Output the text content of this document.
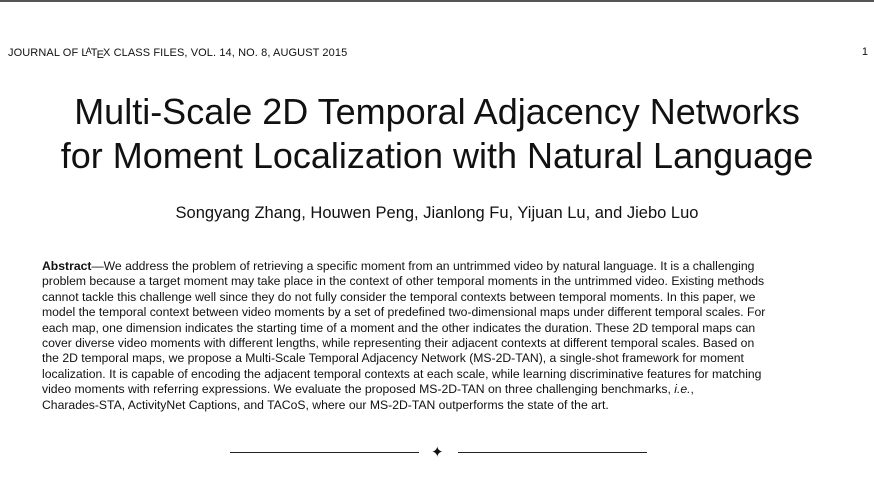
JOURNAL OF LATEX CLASS FILES, VOL. 14, NO. 8, AUGUST 2015	1
Multi-Scale 2D Temporal Adjacency Networks
for Moment Localization with Natural Language
Songyang Zhang, Houwen Peng, Jianlong Fu, Yijuan Lu, and Jiebo Luo
Abstract—We address the problem of retrieving a specific moment from an untrimmed video by natural language. It is a challenging
problem because a target moment may take place in the context of other temporal moments in the untrimmed video. Existing methods
cannot tackle this challenge well since they do not fully consider the temporal contexts between temporal moments. In this paper, we
model the temporal context between video moments by a set of predefined two-dimensional maps under different temporal scales. For
each map, one dimension indicates the starting time of a moment and the other indicates the duration. These 2D temporal maps can
cover diverse video moments with different lengths, while representing their adjacent contexts at different temporal scales. Based on
the 2D temporal maps, we propose a Multi-Scale Temporal Adjacency Network (MS-2D-TAN), a single-shot framework for moment
localization. It is capable of encoding the adjacent temporal contexts at each scale, while learning discriminative features for matching
video moments with referring expressions. We evaluate the proposed MS-2D-TAN on three challenging benchmarks, i.e.,
Charades-STA, ActivityNet Captions, and TACoS, where our MS-2D-TAN outperforms the state of the art.
✦
